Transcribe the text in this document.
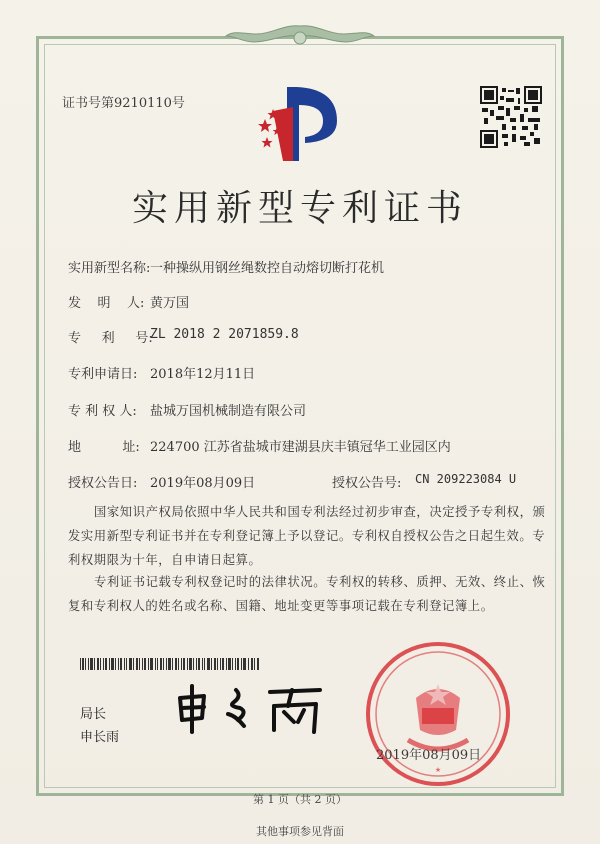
证书号第9210110号
实用新型专利证书
实用新型名称: 一种操纵用钢丝绳数控自动熔切断打花机
发    明    人: 黄万国
专     利     号:
ZL 2018 2 2071859.8
专利申请日: 2018年12月11日
专 利 权 人: 盐城万国机械制造有限公司
地          址: 224700 江苏省盐城市建湖县庆丰镇冠华工业园区内
授权公告日: 2019年08月09日	授权公告号: CN 209223084 U
国家知识产权局依照中华人民共和国专利法经过初步审查，决定授予专利权，颁发实用新型专利证书并在专利登记簿上予以登记。专利权自授权公告之日起生效。专利权期限为十年，自申请日起算。
专利证书记载专利权登记时的法律状况。专利权的转移、质押、无效、终止、恢复和专利权人的姓名或名称、国籍、地址变更等事项记载在专利登记簿上。
局长
申长雨
★
2019年08月09日
第 1 页（共 2 页）
其他事项参见背面
